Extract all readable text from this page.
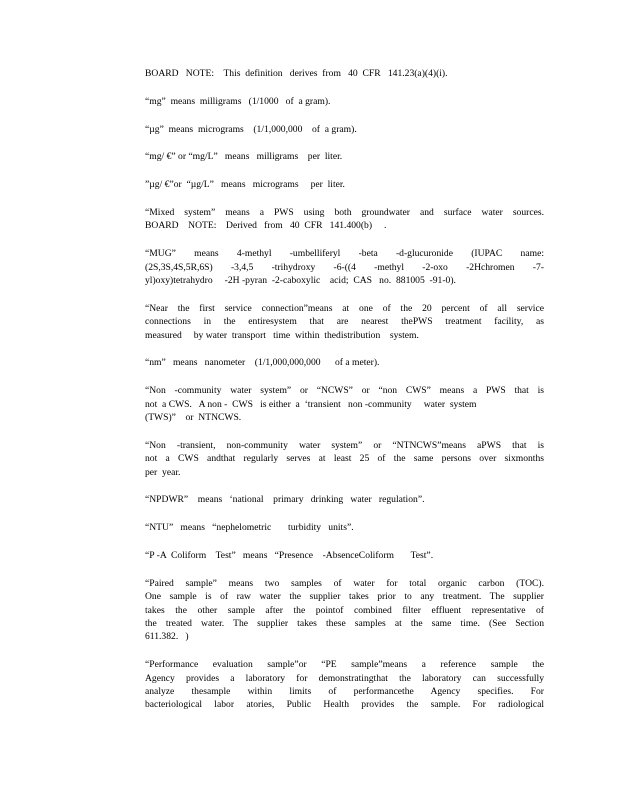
BOARD   NOTE:    This  definition   derives  from   40  CFR   141.23(a)(4)(i).
“mg”  means  milligrams   (1/1000   of  a gram).
“µg”  means  micrograms    (1/1,000,000    of  a gram).
“mg/ €” or “mg/L”   means   milligrams    per  liter.
”µg/ €”or  “µg/L”   means   micrograms     per  liter.
“Mixed system” means a PWS using both groundwater and surface water sources.
BOARD    NOTE:    Derived   from   40  CFR   141.400(b)     .
“MUG” means 4-methyl -umbelliferyl -beta -d-glucuronide (IUPAC name:
(2S,3S,4S,5R,6S) -3,4,5 -trihydroxy -6-((4 -methyl -2-oxo -2Hchromen -7-
yl)oxy)tetrahydro     -2H -pyran  -2-caboxylic    acid;  CAS   no.  881005  -91-0).
“Near the first service connection”means at one of the 20 percent of all service
connections in the entiresystem that are nearest thePWS treatment facility, as
measured     by water  transport   time  within  thedistribution    system.
“nm”   means   nanometer    (1/1,000,000,000      of a meter).
“Non -community water system” or “NCWS” or “non CWS” means a PWS that is
not  a CWS.   A non -  CWS   is either  a  ‘transient   non -community     water  system
(TWS)”    or  NTNCWS.
“Non -transient, non-community water system” or “NTNCWS”means aPWS that is
not a CWS andthat regularly serves at least 25 of the same persons over sixmonths
per  year.
“NPDWR”    means   ‘national    primary   drinking   water   regulation”.
“NTU”   means   “nephelometric       turbidity   units”.
“P -A  Coliform    Test”   means   “Presence    -AbsenceColiform       Test”.
“Paired sample” means two samples of water for total organic carbon (TOC).
One sample is of raw water the supplier takes prior to any treatment. The supplier
takes the other sample after the pointof combined filter effluent representative of
the treated water. The supplier takes these samples at the same time. (See Section
611.382.   )
“Performance evaluation sample”or “PE sample”means a reference sample the
Agency provides a laboratory for demonstratingthat the laboratory can successfully
analyze thesample within limits of performancethe Agency specifies. For
bacteriological labor atories, Public Health provides the sample. For radiological
